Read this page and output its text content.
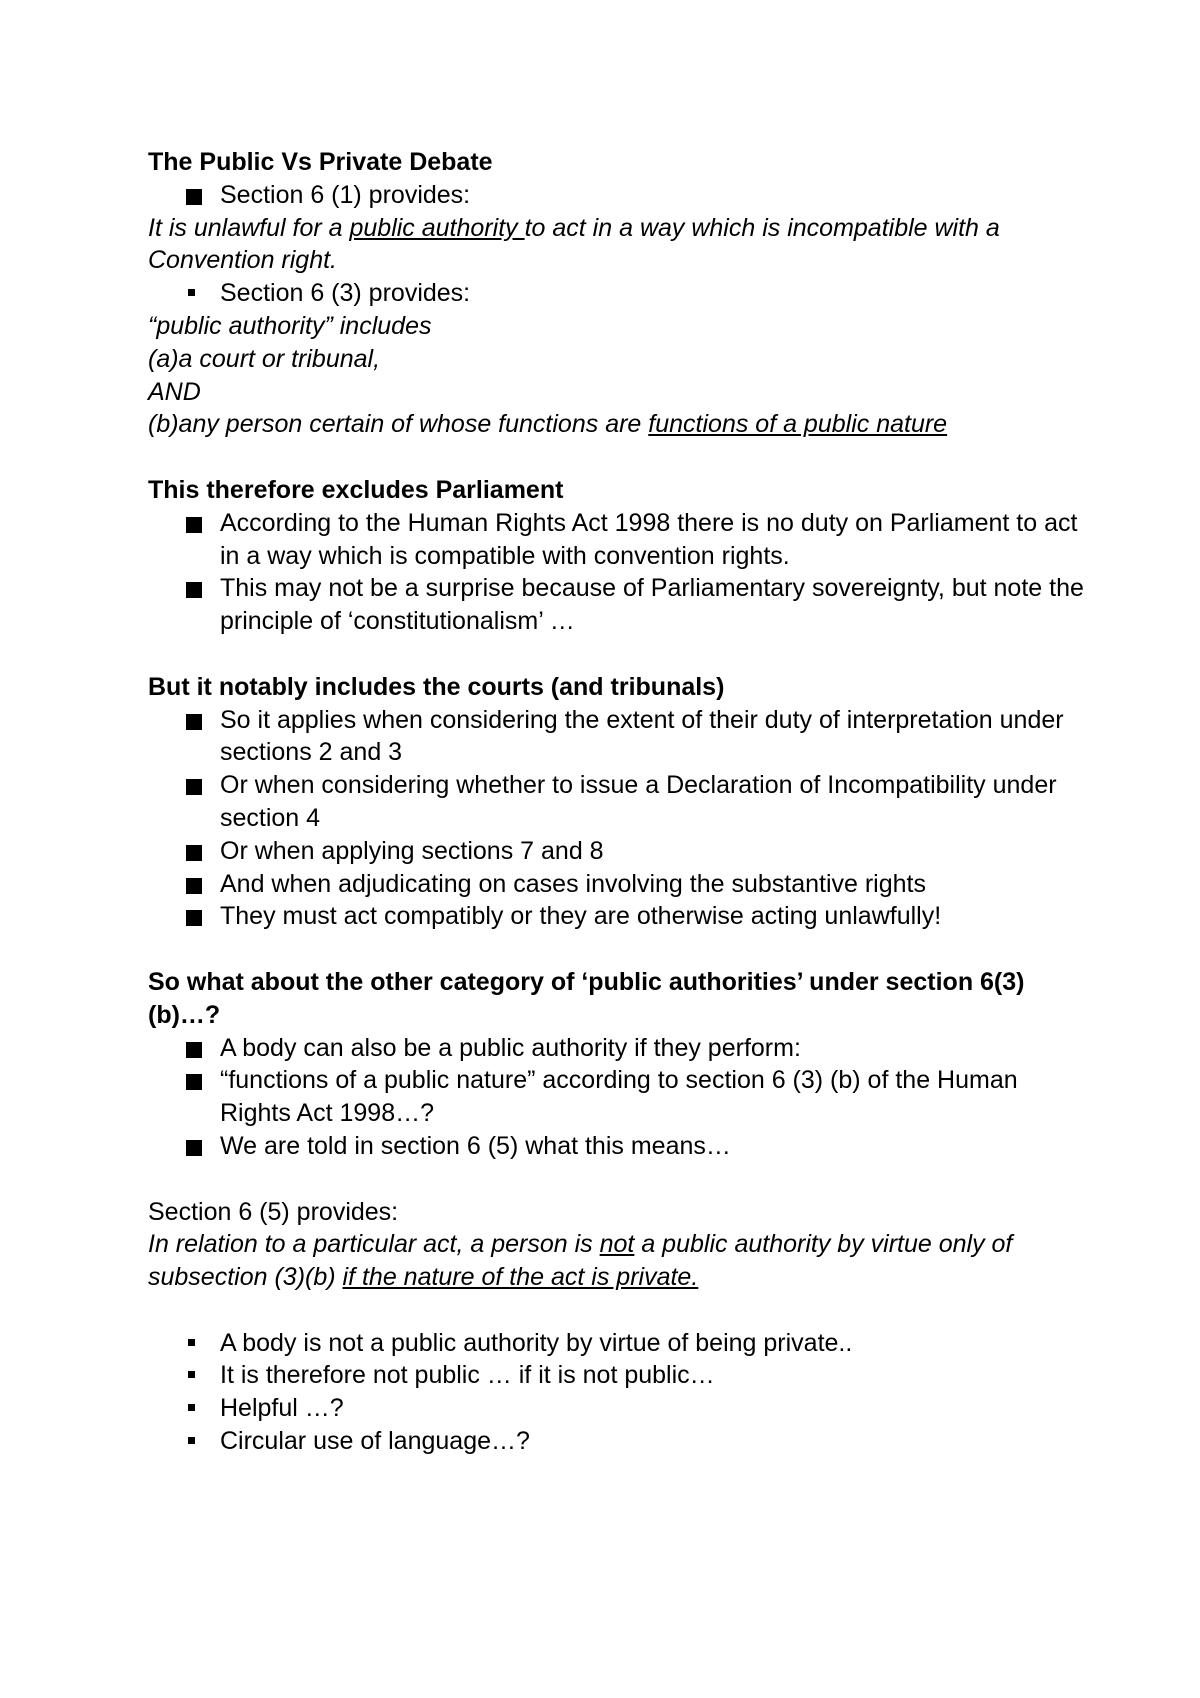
The Public Vs Private Debate

Section 6 (1) provides:

It is unlawful for a public authority to act in a way which is incompatible with a Convention right.

Section 6 (3) provides:

“public authority” includes

(a)a court or tribunal,

AND

(b)any person certain of whose functions are functions of a public nature

This therefore excludes Parliament

According to the Human Rights Act 1998 there is no duty on Parliament to act in a way which is compatible with convention rights.
This may not be a surprise because of Parliamentary sovereignty, but note the principle of ‘constitutionalism’ …

But it notably includes the courts (and tribunals)

So it applies when considering the extent of their duty of interpretation under sections 2 and 3
Or when considering whether to issue a Declaration of Incompatibility under section 4
Or when applying sections 7 and 8
And when adjudicating on cases involving the substantive rights
They must act compatibly or they are otherwise acting unlawfully!

So what about the other category of ‘public authorities’ under section 6(3)(b)…?

A body can also be a public authority if they perform:
“functions of a public nature” according to section 6 (3) (b) of the Human Rights Act 1998…?
We are told in section 6 (5) what this means…

Section 6 (5) provides:

In relation to a particular act, a person is not a public authority by virtue only of subsection (3)(b) if the nature of the act is private.

A body is not a public authority by virtue of being private..
It is therefore not public … if it is not public…
Helpful …?
Circular use of language…?
